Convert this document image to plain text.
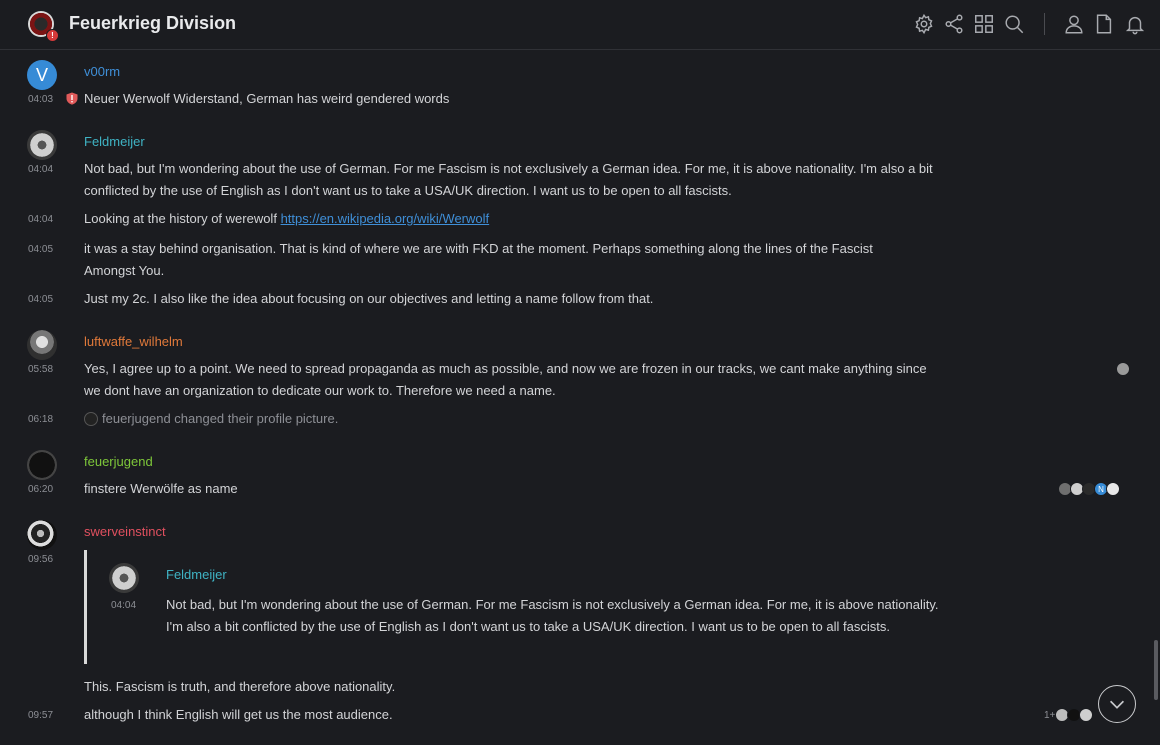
!
Feuerkrieg Division
V	v00rm
04:03 Neuer Werwolf Widerstand, German has weird gendered words
Feldmeijer
04:04 Not bad, but I'm wondering about the use of German. For me Fascism is not exclusively a German idea. For me, it is above nationality. I'm also a bit
conflicted by the use of English as I don't want us to take a USA/UK direction. I want us to be open to all fascists.
04:04 Looking at the history of werewolf https://en.wikipedia.org/wiki/Werwolf
04:05 it was a stay behind organisation. That is kind of where we are with FKD at the moment. Perhaps something along the lines of the Fascist
Amongst You.
04:05 Just my 2c. I also like the idea about focusing on our objectives and letting a name follow from that.
luftwaffe_wilhelm
05:58 Yes, I agree up to a point. We need to spread propaganda as much as possible, and now we are frozen in our tracks, we cant make anything since
we dont have an organization to dedicate our work to. Therefore we need a name.
06:18	feuerjugend changed their profile picture.
feuerjugend
06:20 finstere Werwölfe as name	N
swerveinstinct
09:56
Feldmeijer
04:04 Not bad, but I'm wondering about the use of German. For me Fascism is not exclusively a German idea. For me, it is above nationality. I'm also a bit conflicted by the use of English as I don't want us to take a USA/UK direction. I want us to be open to all fascists.
This. Fascism is truth, and therefore above nationality.
09:57 although I think English will get us the most audience.	1+
